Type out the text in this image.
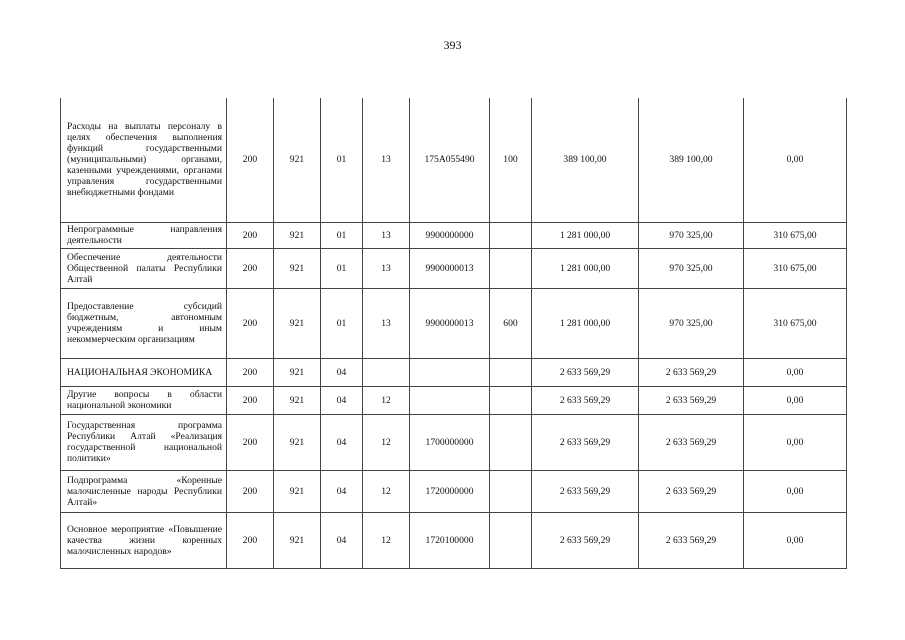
393
Расходы на выплаты персоналу в целях обеспечения выполнения функций государственными (муниципальными) органами, казенными учреждениями, органами управления государственными внебюджетными фондами	200	921	01	13	175А055490	100	389 100,00	389 100,00	0,00
Непрограммные направления деятельности	200	921	01	13	9900000000		1 281 000,00	970 325,00	310 675,00
Обеспечение деятельности Общественной палаты Республики Алтай	200	921	01	13	9900000013		1 281 000,00	970 325,00	310 675,00
Предоставление субсидий бюджетным, автономным учреждениям и иным некоммерческим организациям	200	921	01	13	9900000013	600	1 281 000,00	970 325,00	310 675,00
НАЦИОНАЛЬНАЯ ЭКОНОМИКА	200	921	04				2 633 569,29	2 633 569,29	0,00
Другие вопросы в области национальной экономики	200	921	04	12			2 633 569,29	2 633 569,29	0,00
Государственная программа Республики Алтай «Реализация государственной национальной политики»	200	921	04	12	1700000000		2 633 569,29	2 633 569,29	0,00
Подпрограмма «Коренные малочисленные народы Республики Алтай»	200	921	04	12	1720000000		2 633 569,29	2 633 569,29	0,00
Основное мероприятие «Повышение качества жизни коренных малочисленных народов»	200	921	04	12	1720100000		2 633 569,29	2 633 569,29	0,00
